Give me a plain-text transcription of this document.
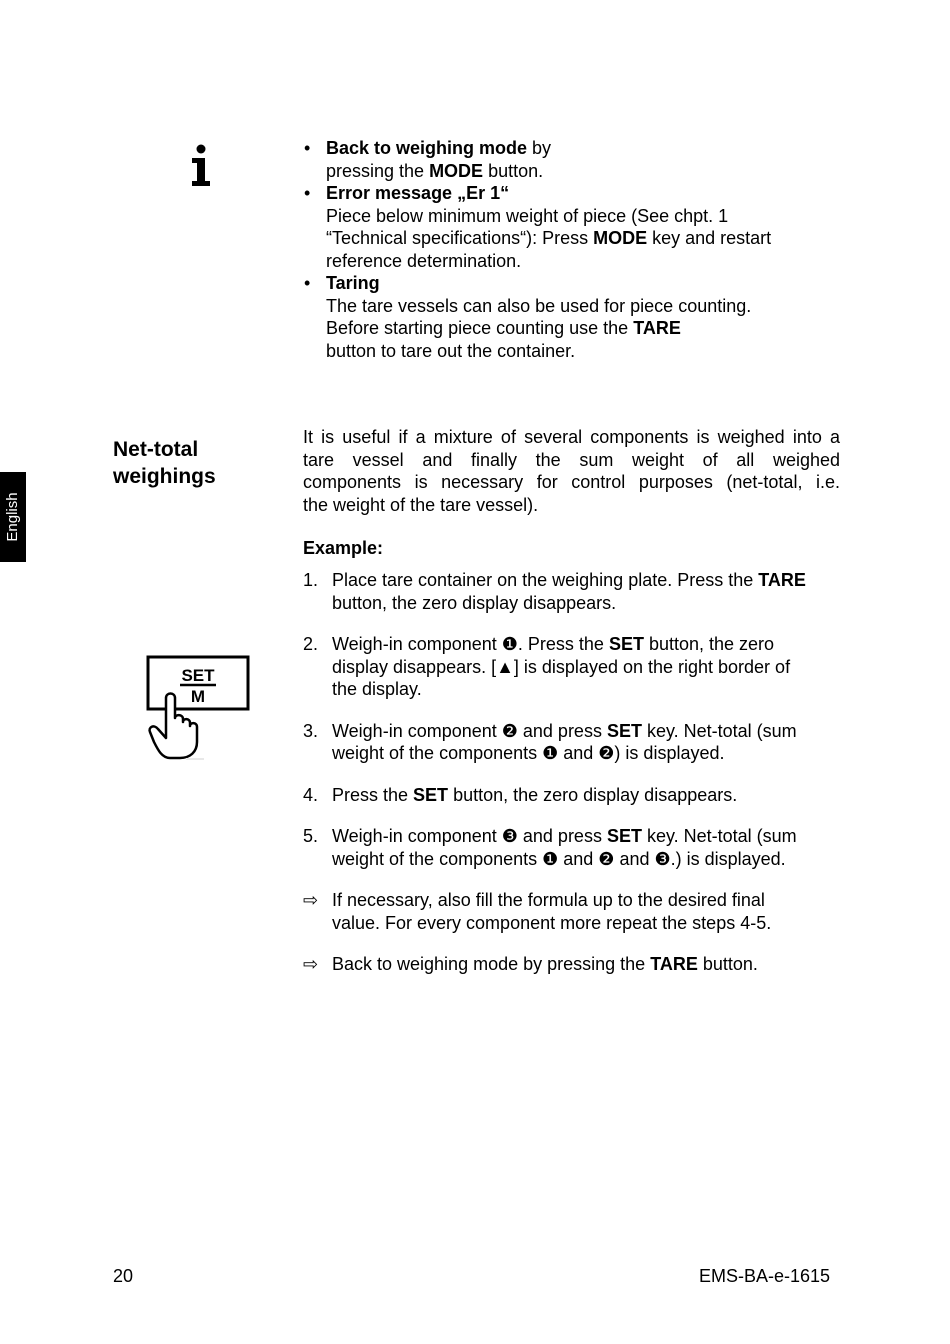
• Back to weighing mode by
pressing the MODE button.
• Error message „Er 1“
Piece below minimum weight of piece (See chpt. 1
“Technical specifications“): Press MODE key and restart
reference determination.
• Taring
The tare vessels can also be used for piece counting.
Before starting piece counting use the TARE
button to tare out the container.
English
Net-total
weighings

It is useful if a mixture of several components is weighed into a
tare vessel and finally the sum weight of all weighed
components is necessary for control purposes (net-total, i.e.
the weight of the tare vessel).

Example:
1. Place tare container on the weighing plate. Press the TARE
button, the zero display disappears.
2. Weigh-in component ❶. Press the SET button, the zero
display disappears. [▲] is displayed on the right border of
the display.
3. Weigh-in component ❷ and press SET key. Net-total (sum
weight of the components ❶ and ❷) is displayed.
4. Press the SET button, the zero display disappears.
5. Weigh-in component ❸ and press SET key. Net-total (sum
weight of the components ❶ and ❷ and ❸.) is displayed.
⇨ If necessary, also fill the formula up to the desired final
value. For every component more repeat the steps 4-5.
⇨ Back to weighing mode by pressing the TARE button.
SET
M
20	EMS-BA-e-1615
